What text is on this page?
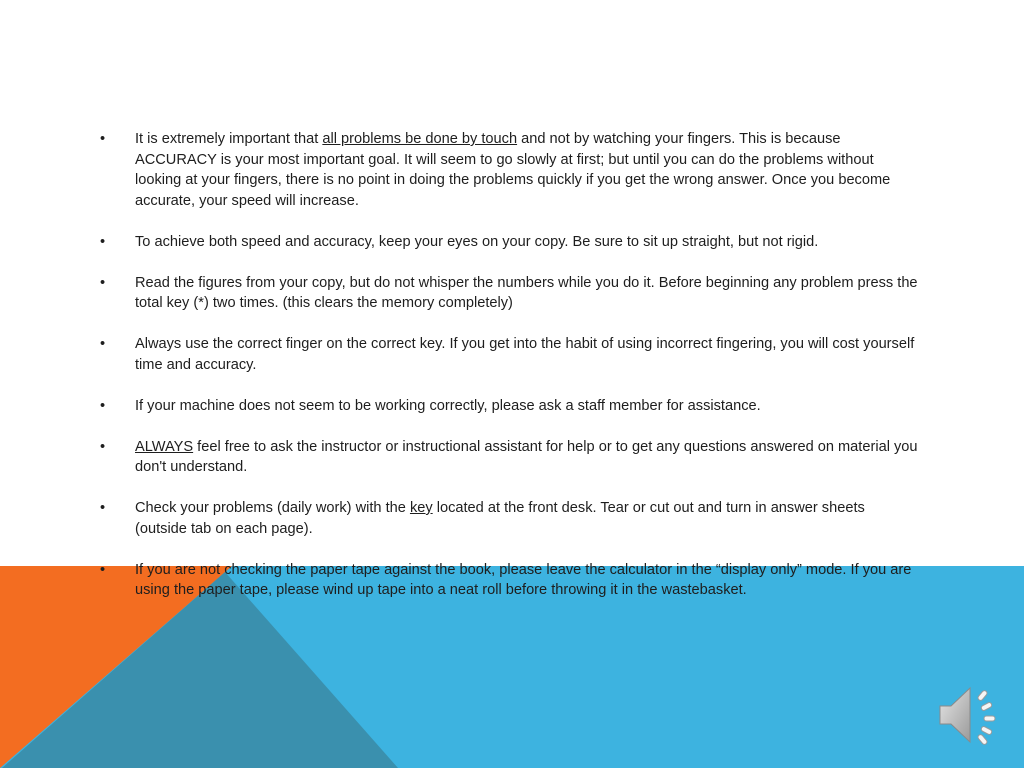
• It is extremely important that all problems be done by touch and not by watching your fingers. This is because ACCURACY is your most important goal. It will seem to go slowly at first; but until you can do the problems without looking at your fingers, there is no point in doing the problems quickly if you get the wrong answer. Once you become accurate, your speed will increase.
• To achieve both speed and accuracy, keep your eyes on your copy. Be sure to sit up straight, but not rigid.
• Read the figures from your copy, but do not whisper the numbers while you do it. Before beginning any problem press the total key (*) two times. (this clears the memory completely)
• Always use the correct finger on the correct key. If you get into the habit of using incorrect fingering, you will cost yourself time and accuracy.
• If your machine does not seem to be working correctly, please ask a staff member for assistance.
• ALWAYS feel free to ask the instructor or instructional assistant for help or to get any questions answered on material you don't understand.
• Check your problems (daily work) with the key located at the front desk. Tear or cut out and turn in answer sheets (outside tab on each page).
• If you are not checking the paper tape against the book, please leave the calculator in the “display only” mode. If you are using the paper tape, please wind up tape into a neat roll before throwing it in the wastebasket.
